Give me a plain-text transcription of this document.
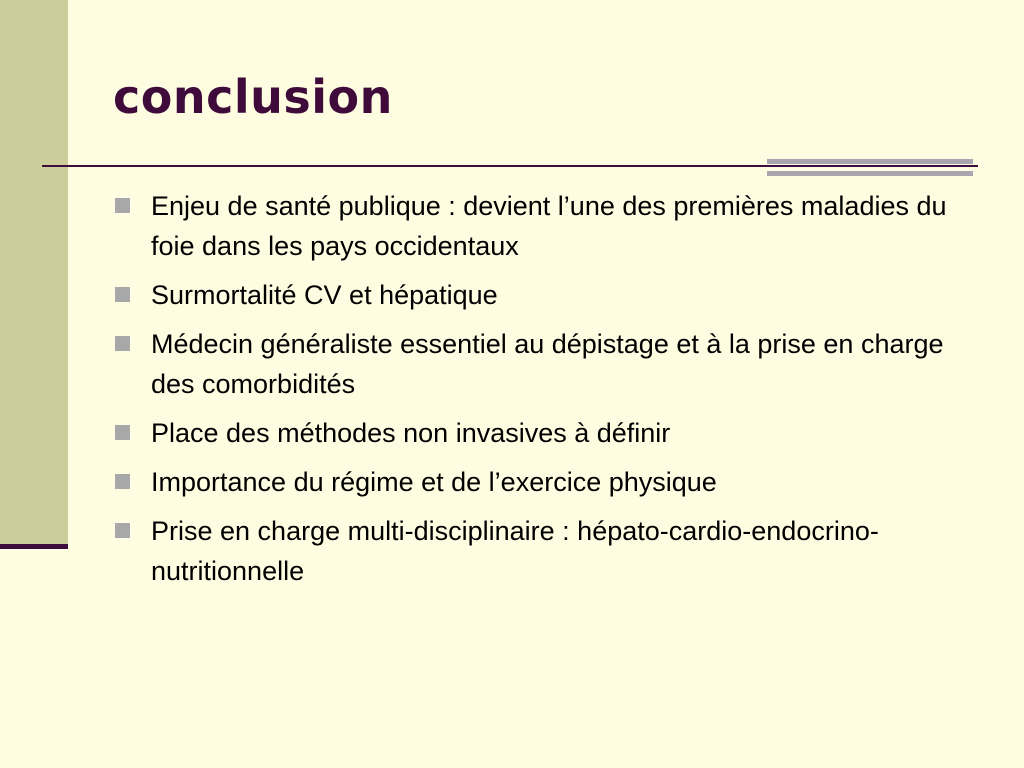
conclusion
Enjeu de santé publique : devient l’une des premières maladies du foie dans les pays occidentaux
Surmortalité CV et hépatique
Médecin généraliste essentiel au dépistage et à la prise en charge des comorbidités
Place des méthodes non invasives à définir
Importance du régime et de l’exercice physique
Prise en charge multi-disciplinaire : hépato-cardio-endocrino-nutritionnelle
